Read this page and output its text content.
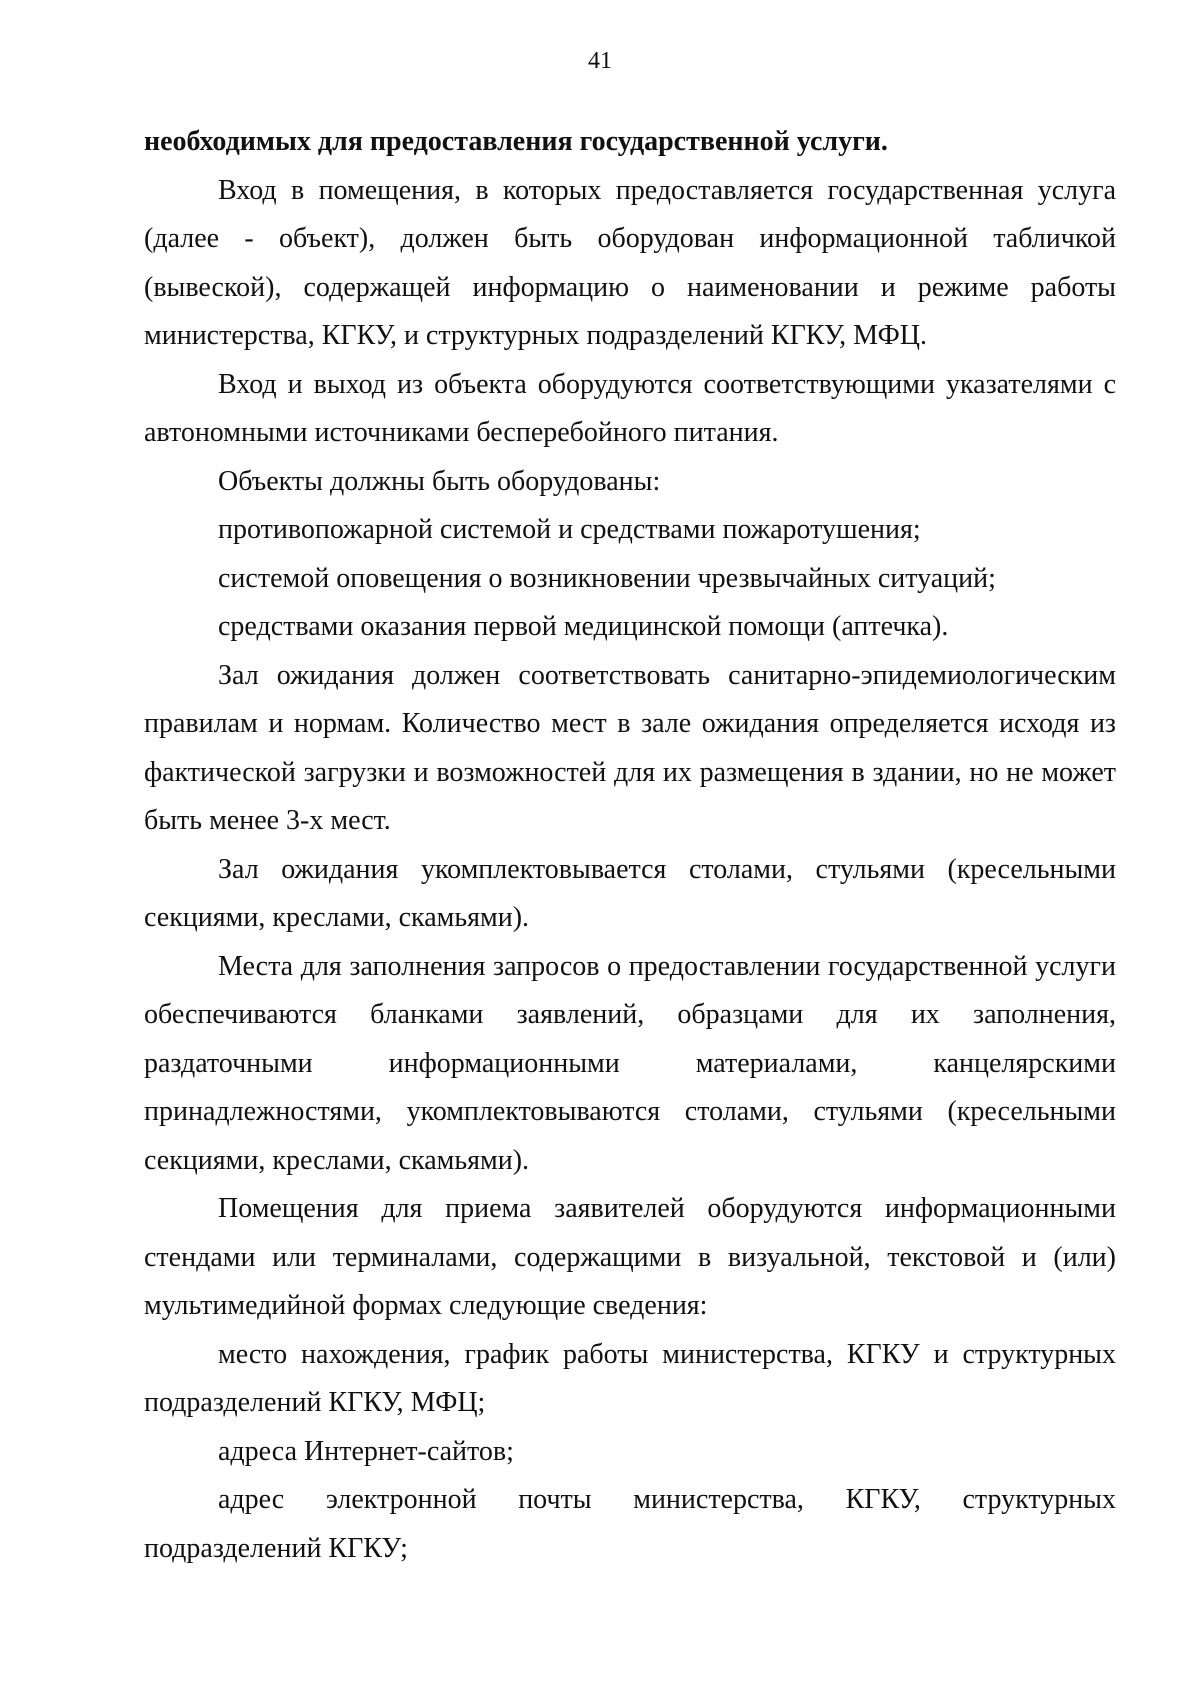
41

необходимых для предоставления государственной услуги.

Вход в помещения, в которых предоставляется государственная услуга (далее - объект), должен быть оборудован информационной табличкой (вывеской), содержащей информацию о наименовании и режиме работы министерства, КГКУ, и структурных подразделений КГКУ, МФЦ.

Вход и выход из объекта оборудуются соответствующими указателями с автономными источниками бесперебойного питания.

Объекты должны быть оборудованы:

противопожарной системой и средствами пожаротушения;

системой оповещения о возникновении чрезвычайных ситуаций;

средствами оказания первой медицинской помощи (аптечка).

Зал ожидания должен соответствовать санитарно-эпидемиологическим правилам и нормам. Количество мест в зале ожидания определяется исходя из фактической загрузки и возможностей для их размещения в здании, но не может быть менее 3-х мест.

Зал ожидания укомплектовывается столами, стульями (кресельными секциями, креслами, скамьями).

Места для заполнения запросов о предоставлении государственной услуги обеспечиваются бланками заявлений, образцами для их заполнения, раздаточными информационными материалами, канцелярскими принадлежностями, укомплектовываются столами, стульями (кресельными секциями, креслами, скамьями).

Помещения для приема заявителей оборудуются информационными стендами или терминалами, содержащими в визуальной, текстовой и (или) мультимедийной формах следующие сведения:

место нахождения, график работы министерства, КГКУ и структурных подразделений КГКУ, МФЦ;

адреса Интернет-сайтов;

адрес электронной почты министерства, КГКУ, структурных подразделений КГКУ;
